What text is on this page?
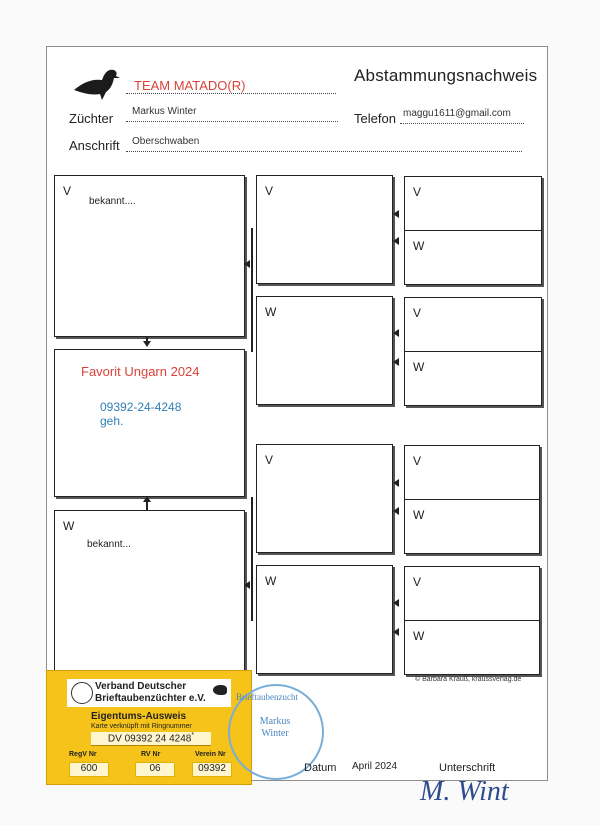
TEAM MATADO(R)
Abstammungsnachweis
Züchter Markus Winter	Telefon maggu1611@gmail.com
Anschrift Oberschwaben
V
bekannt....
Favorit Ungarn 2024
09392-24-4248
geh.
W
bekannt...
V
W
V
W
V
W
V
W
V
W
V
W
© Barbara Krauß, kraussverlag.de
Verband Deutscher
Brieftaubenzüchter e.V.
Eigentums-Ausweis
Karte verknüpft mit Ringnummer
DV 09392 24 4248*
RegV Nr	RV Nr	Verein Nr
600	06	09392
Brieftaubenzucht
Markus
Winter
Datum April 2024	Unterschrift
M. Wint
